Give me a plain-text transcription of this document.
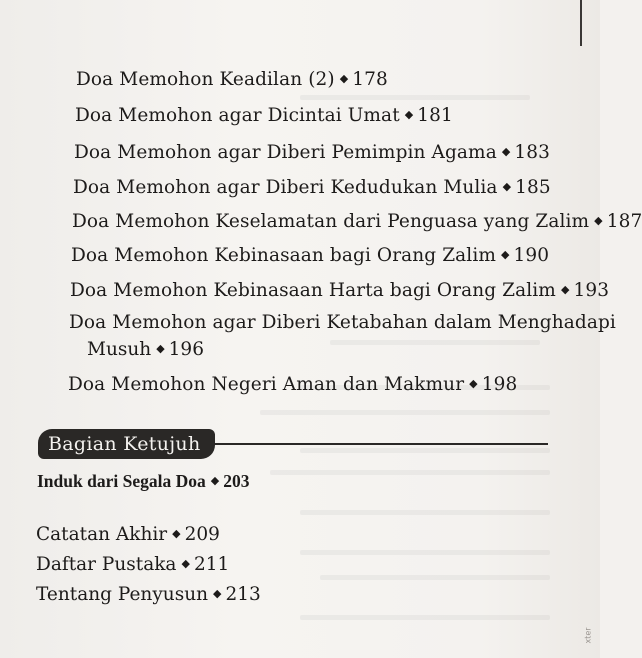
Doa Memohon Keadilan (2) ◆ 178
Doa Memohon agar Dicintai Umat ◆ 181
Doa Memohon agar Diberi Pemimpin Agama ◆ 183
Doa Memohon agar Diberi Kedudukan Mulia ◆ 185
Doa Memohon Keselamatan dari Penguasa yang Zalim ◆ 187
Doa Memohon Kebinasaan bagi Orang Zalim ◆ 190
Doa Memohon Kebinasaan Harta bagi Orang Zalim ◆ 193
Doa Memohon agar Diberi Ketabahan dalam Menghadapi
Musuh ◆ 196
Doa Memohon Negeri Aman dan Makmur ◆ 198
Bagian Ketujuh
Induk dari Segala Doa ◆ 203
Catatan Akhir ◆ 209
Daftar Pustaka ◆ 211
Tentang Penyusun ◆ 213
xter
